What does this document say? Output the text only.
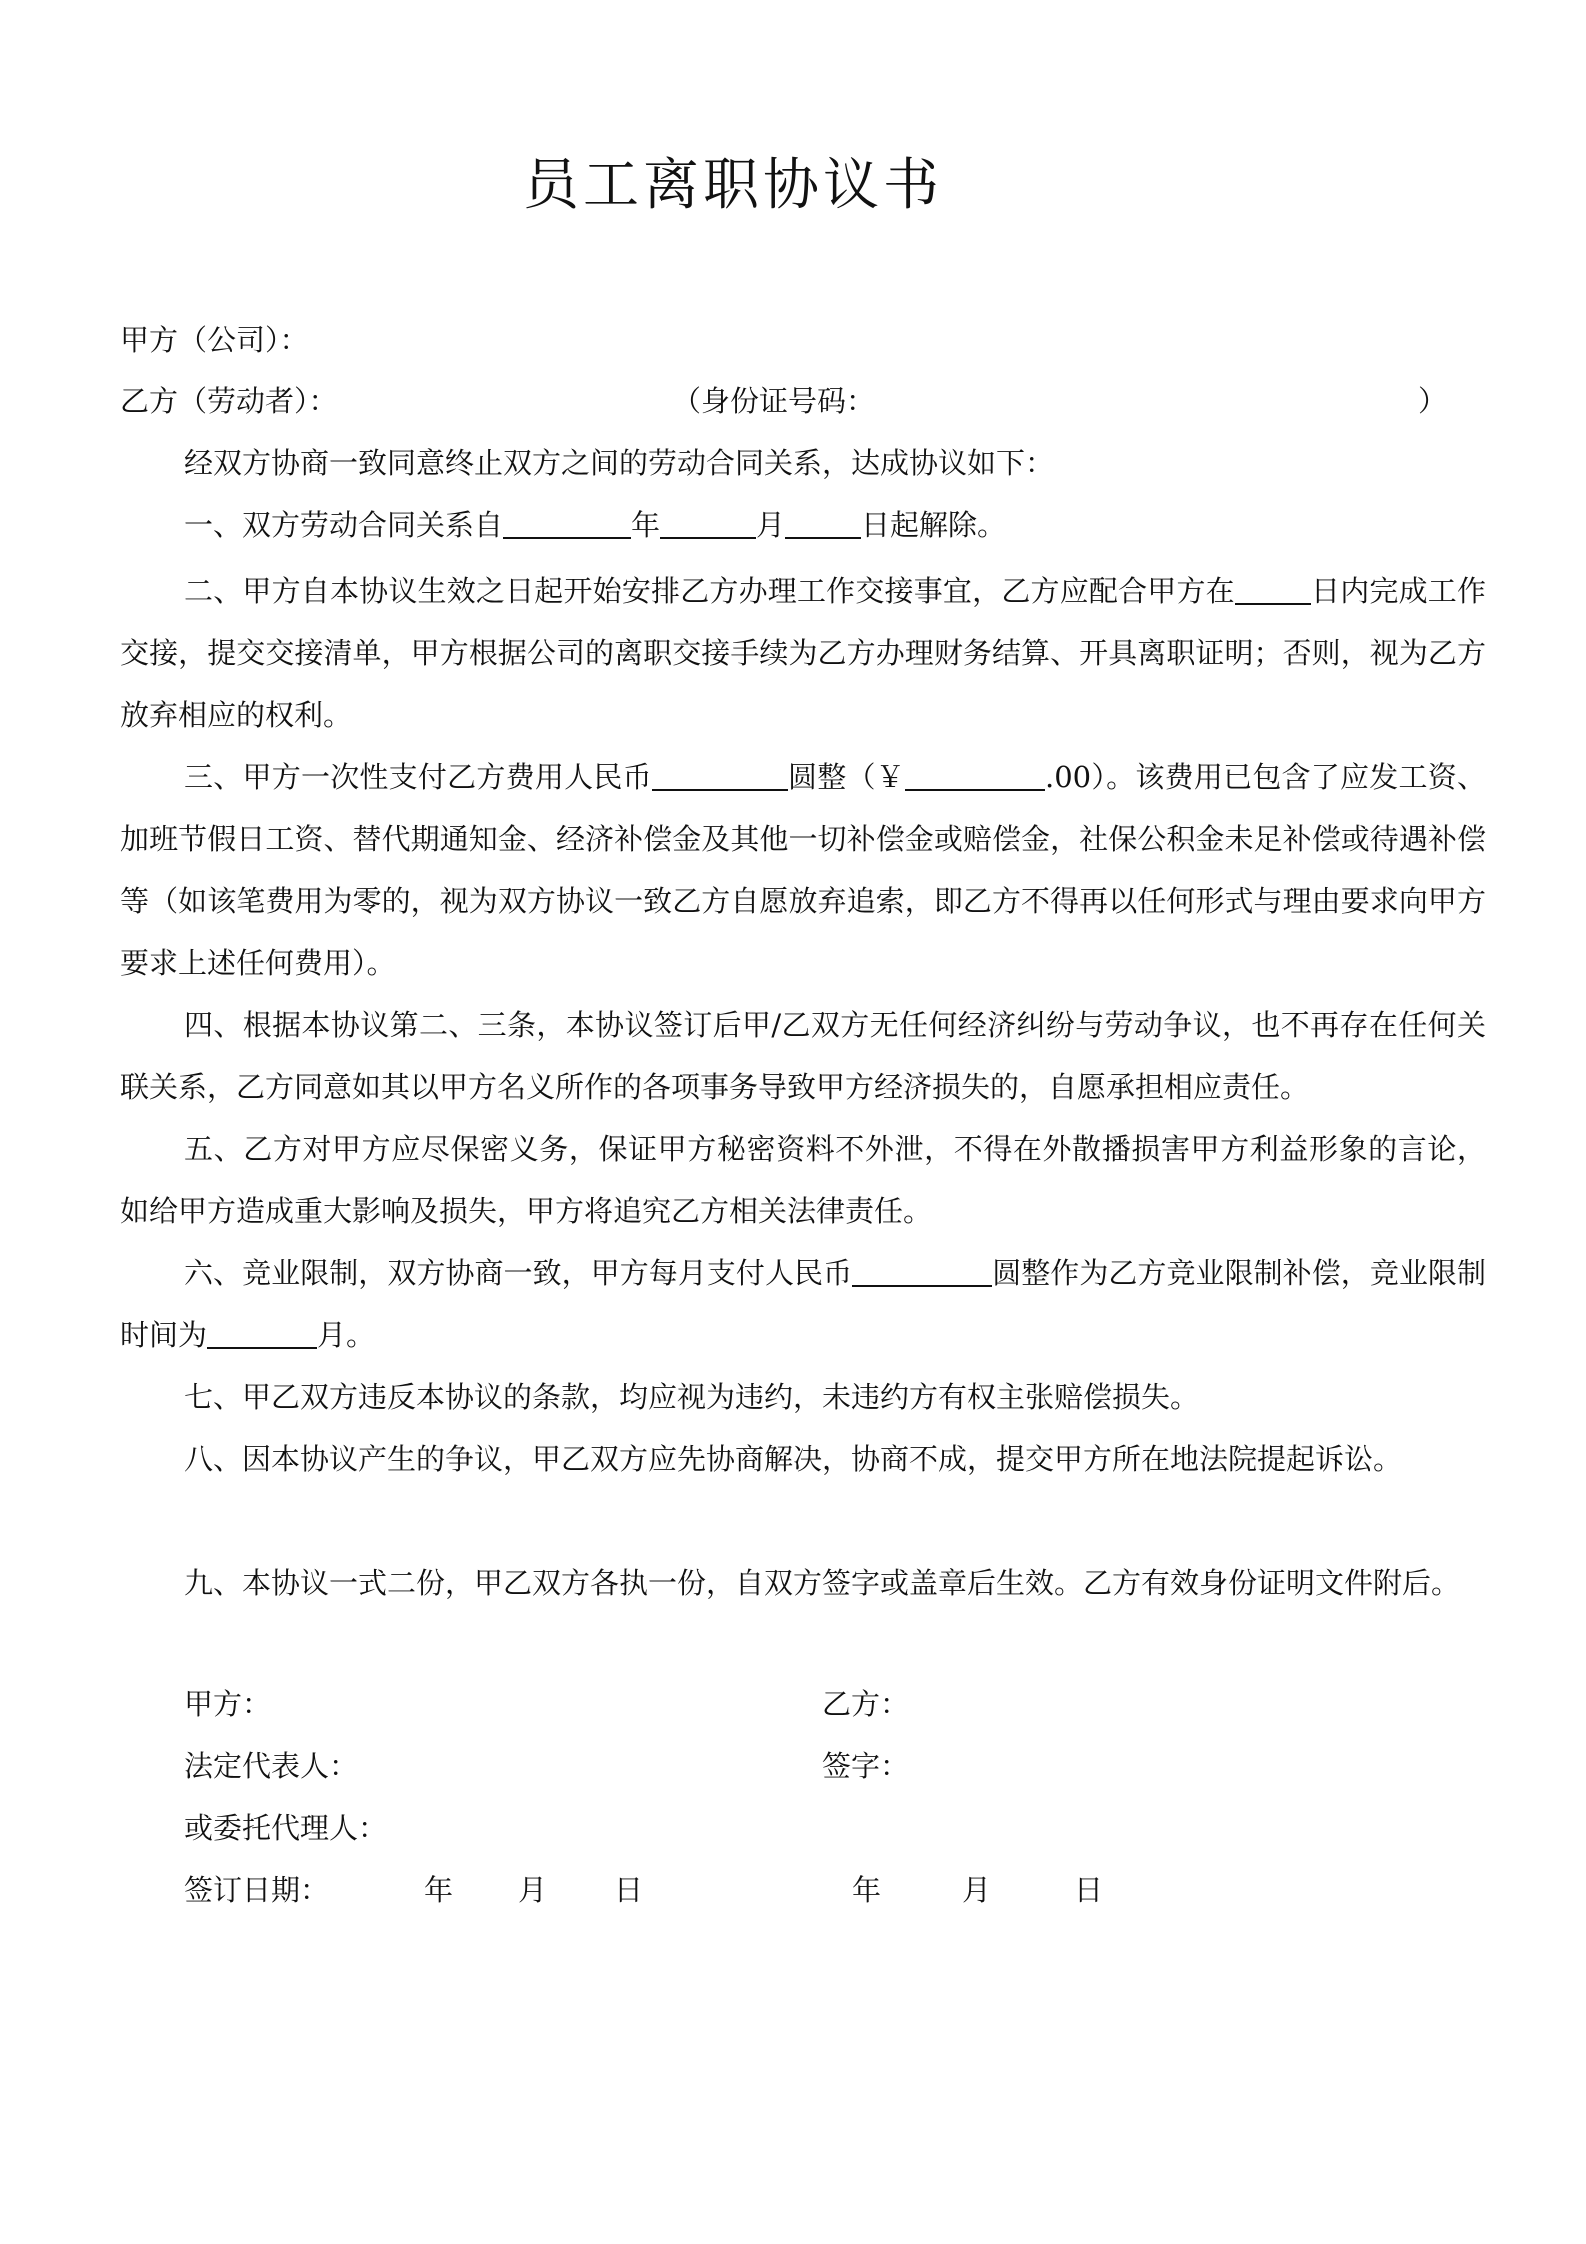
员工离职协议书
甲方（公司）：
乙方（劳动者）：	（身份证号码：	）
经双方协商一致同意终止双方之间的劳动合同关系，达成协议如下：
一、双方劳动合同关系自	年	月	日起解除。
二、甲方自本协议生效之日起开始安排乙方办理工作交接事宜，乙方应配合甲方在	日内完成工作交接，提交交接清单，甲方根据公司的离职交接手续为乙方办理财务结算、开具离职证明；否则，视为乙方放弃相应的权利。
三、甲方一次性支付乙方费用人民币	圆整（￥	.00）。该费用已包含了应发工资、加班节假日工资、替代期通知金、经济补偿金及其他一切补偿金或赔偿金，社保公积金未足补偿或待遇补偿等（如该笔费用为零的，视为双方协议一致乙方自愿放弃追索，即乙方不得再以任何形式与理由要求向甲方要求上述任何费用）。
四、根据本协议第二、三条，本协议签订后甲/乙双方无任何经济纠纷与劳动争议，也不再存在任何关联关系，乙方同意如其以甲方名义所作的各项事务导致甲方经济损失的，自愿承担相应责任。
五、乙方对甲方应尽保密义务，保证甲方秘密资料不外泄，不得在外散播损害甲方利益形象的言论，如给甲方造成重大影响及损失，甲方将追究乙方相关法律责任。
六、竞业限制，双方协商一致，甲方每月支付人民币	圆整作为乙方竞业限制补偿，竞业限制时间为	月。
七、甲乙双方违反本协议的条款，均应视为违约，未违约方有权主张赔偿损失。
八、因本协议产生的争议，甲乙双方应先协商解决，协商不成，提交甲方所在地法院提起诉讼。
九、本协议一式二份，甲乙双方各执一份，自双方签字或盖章后生效。乙方有效身份证明文件附后。
甲方：	乙方：
法定代表人：	签字：
或委托代理人：
签订日期：	年 月 日	年	月	日
